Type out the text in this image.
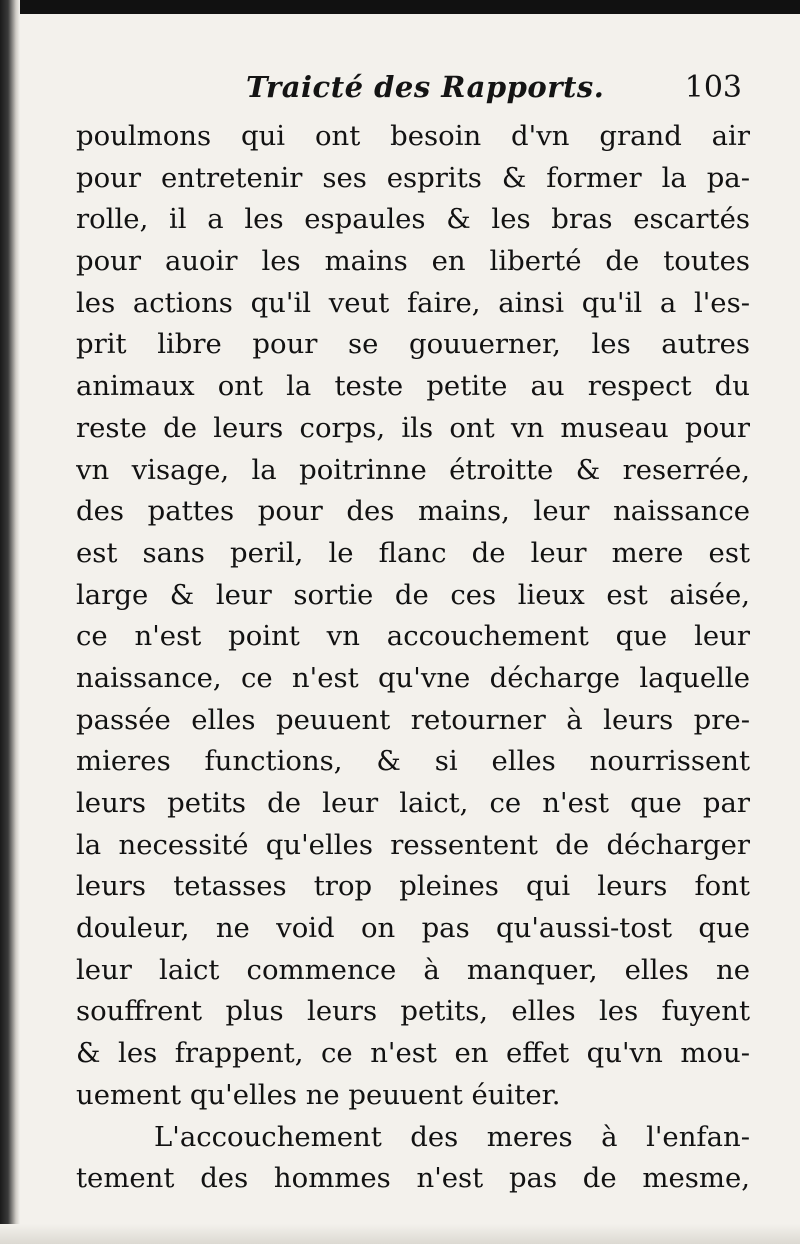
Traicté des Rapports.	103
poulmons qui ont besoin d'vn grand air
pour entretenir ses esprits & former la pa-
rolle, il a les espaules & les bras escartés
pour auoir les mains en liberté de toutes
les actions qu'il veut faire, ainsi qu'il a l'es-
prit libre pour se gouuerner, les autres
animaux ont la teste petite au respect du
reste de leurs corps, ils ont vn museau pour
vn visage, la poitrinne étroitte & reserrée,
des pattes pour des mains, leur naissance
est sans peril, le flanc de leur mere est
large & leur sortie de ces lieux est aisée,
ce n'est point vn accouchement que leur
naissance, ce n'est qu'vne décharge laquelle
passée elles peuuent retourner à leurs pre-
mieres functions, & si elles nourrissent
leurs petits de leur laict, ce n'est que par
la necessité qu'elles ressentent de décharger
leurs tetasses trop pleines qui leurs font
douleur, ne void on pas qu'aussi-tost que
leur laict commence à manquer, elles ne
souffrent plus leurs petits, elles les fuyent
& les frappent, ce n'est en effet qu'vn mou-
uement qu'elles ne peuuent éuiter.
L'accouchement des meres à l'enfan-
tement des hommes n'est pas de mesme,
